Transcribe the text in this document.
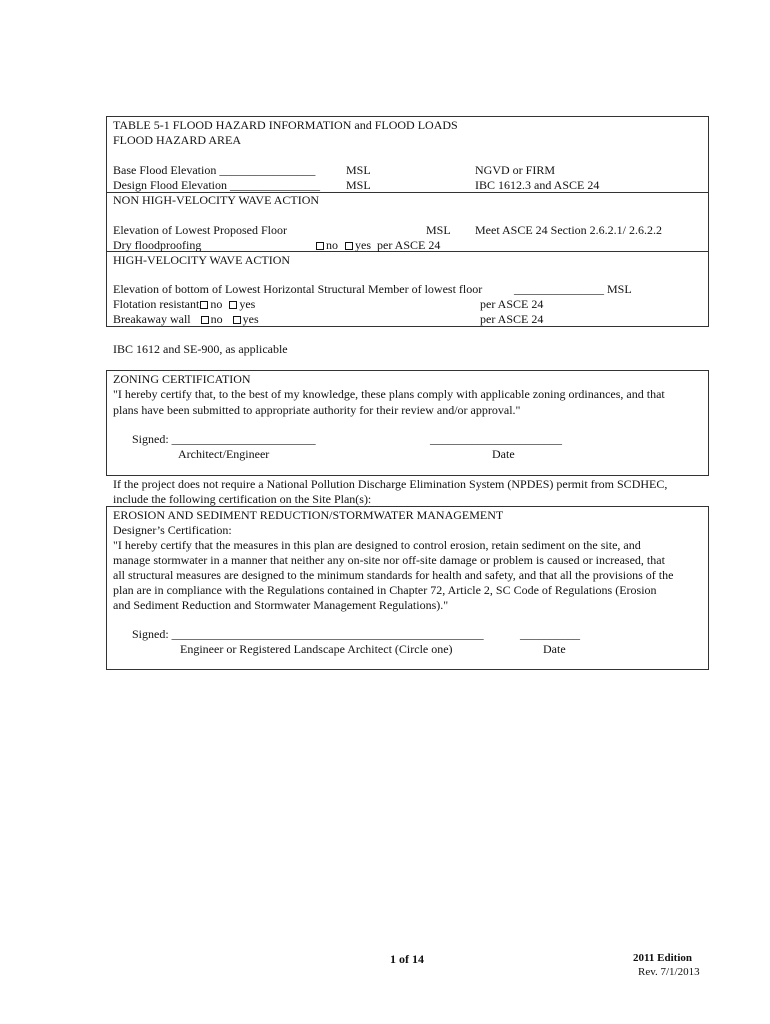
TABLE 5-1 FLOOD HAZARD INFORMATION and FLOOD LOADS
FLOOD HAZARD AREA
Base Flood Elevation ________________	MSL	NGVD or FIRM
Design Flood Elevation _______________ MSL	IBC 1612.3 and ASCE 24
NON HIGH-VELOCITY WAVE ACTION
Elevation of Lowest Proposed Floor	MSL Meet ASCE 24 Section 2.6.2.1/ 2.6.2.2
Dry floodproofing	no yes per ASCE 24
HIGH-VELOCITY WAVE ACTION
Elevation of bottom of Lowest Horizontal Structural Member of lowest floor	_______________ MSL
Flotation resistant no yes	per ASCE 24
Breakaway wall no yes	per ASCE 24
IBC 1612 and SE-900, as applicable
ZONING CERTIFICATION
"I hereby certify that, to the best of my knowledge, these plans comply with applicable zoning ordinances, and that
plans have been submitted to appropriate authority for their review and/or approval."
Signed: ________________________	______________________
Architect/Engineer	Date
If the project does not require a National Pollution Discharge Elimination System (NPDES) permit from SCDHEC,
include the following certification on the Site Plan(s):
EROSION AND SEDIMENT REDUCTION/STORMWATER MANAGEMENT
Designer’s Certification:
"I hereby certify that the measures in this plan are designed to control erosion, retain sediment on the site, and
manage stormwater in a manner that neither any on-site nor off-site damage or problem is caused or increased, that
all structural measures are designed to the minimum standards for health and safety, and that all the provisions of the
plan are in compliance with the Regulations contained in Chapter 72, Article 2, SC Code of Regulations (Erosion
and Sediment Reduction and Stormwater Management Regulations)."
Signed: ____________________________________________________	__________
Engineer or Registered Landscape Architect (Circle one)	Date
1 of 14	2011 Edition
Rev. 7/1/2013
